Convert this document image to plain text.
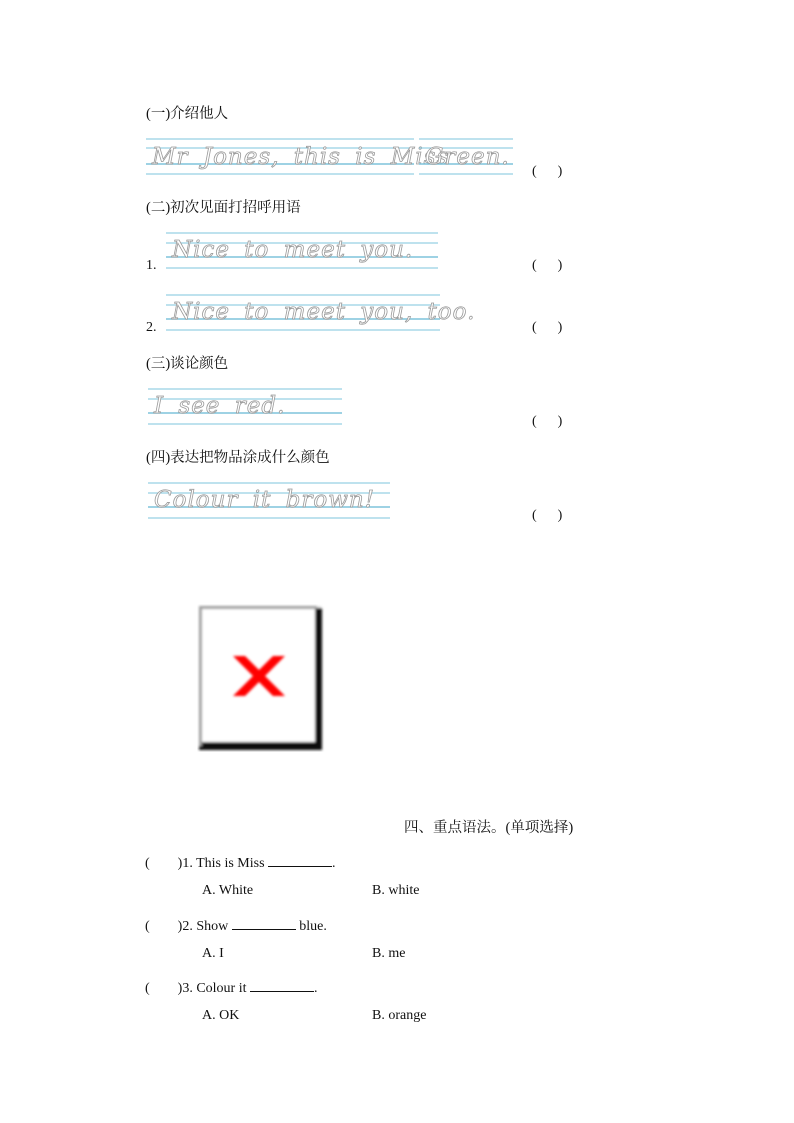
(一)介绍他人
Mr Jones, this is Miss
Green.
(      )
(二)初次见面打招呼用语
1.
Nice to meet you.
(      )
2.
Nice to meet you, too.
(      )
(三)谈论颜色
I see red.
(      )
(四)表达把物品涂成什么颜色
Colour it brown!
(      )
四、重点语法。(单项选择)
(        )1. This is Miss	.
A. White	B. white
(        )2. Show	blue.
A. I	B. me
(        )3. Colour it	.
A. OK	B. orange
